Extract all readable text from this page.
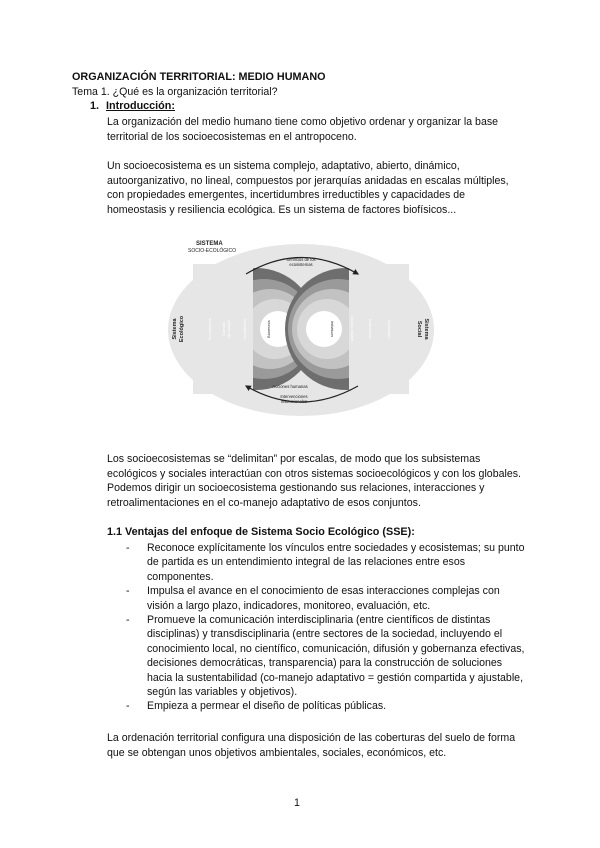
ORGANIZACIÓN TERRITORIAL: MEDIO HUMANO
Tema 1. ¿Qué es la organización territorial?
1. Introducción:
La organización del medio humano tiene como objetivo ordenar y organizar la base territorial de los socioecosistemas en el antropoceno.
Un socioecosistema es un sistema complejo, adaptativo, abierto, dinámico, autoorganizativo, no lineal, compuestos por jerarquías anidadas en escalas múltiples, con propiedades emergentes, incertidumbres irreductibles y capacidades de homeostasis y resiliencia ecológica. Es un sistema de factores biofísicos...
SISTEMA
SOCIO-ECOLÓGICO
Servicios de los
ecosistemas
Acciones humanas
Intervenciones
institucionales
Sistema Ecológico	Sistema
Social
Ecorregiones	Cuencas tipo paisaje	ecosistemas	Biocenosis	Individuos	Grupos sociales	Instituciones	Sociedades
Los socioecosistemas se “delimitan” por escalas, de modo que los subsistemas ecológicos y sociales interactúan con otros sistemas socioecológicos y con los globales. Podemos dirigir un socioecosistema gestionando sus relaciones, interacciones y retroalimentaciones en el co-manejo adaptativo de esos conjuntos.
1.1 Ventajas del enfoque de Sistema Socio Ecológico (SSE):
- Reconoce explícitamente los vínculos entre sociedades y ecosistemas; su punto de partida es un entendimiento integral de las relaciones entre esos componentes.
- Impulsa el avance en el conocimiento de esas interacciones complejas con visión a largo plazo, indicadores, monitoreo, evaluación, etc.
- Promueve la comunicación interdisciplinaria (entre científicos de distintas disciplinas) y transdisciplinaria (entre sectores de la sociedad, incluyendo el conocimiento local, no científico, comunicación, difusión y gobernanza efectivas, decisiones democráticas, transparencia) para la construcción de soluciones hacia la sustentabilidad (co-manejo adaptativo = gestión compartida y ajustable, según las variables y objetivos).
- Empieza a permear el diseño de políticas públicas.
La ordenación territorial configura una disposición de las coberturas del suelo de forma que se obtengan unos objetivos ambientales, sociales, económicos, etc.
1
